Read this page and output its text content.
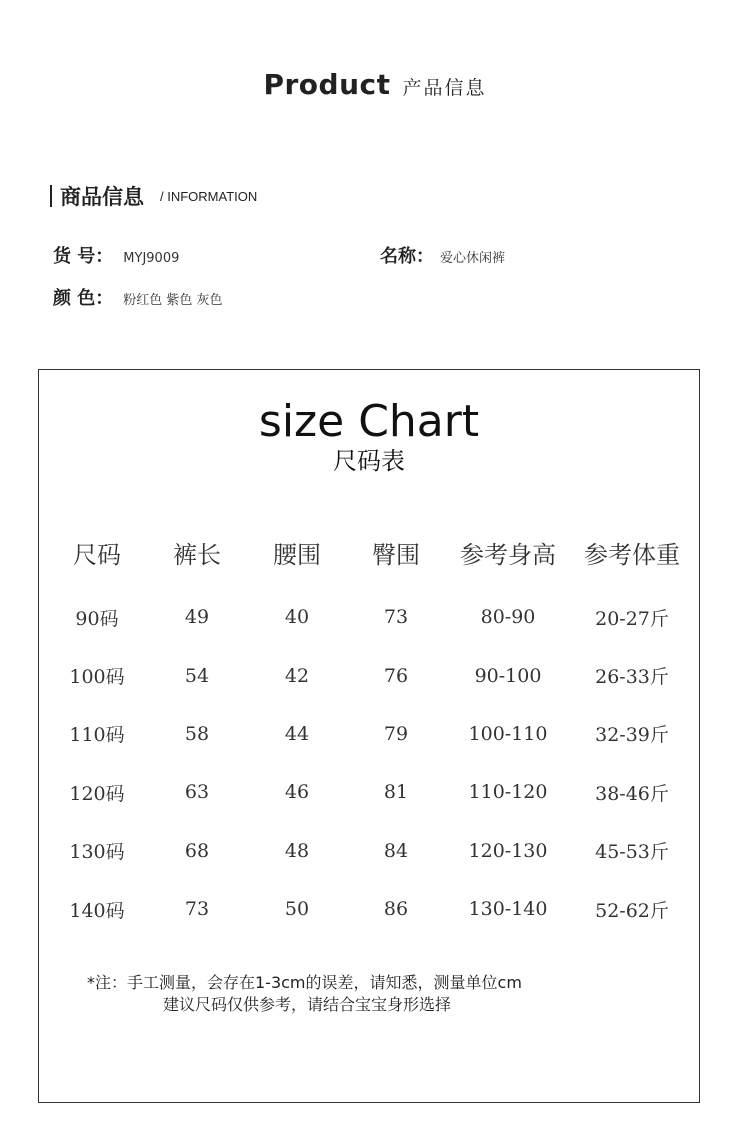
Product 产品信息
商品信息 / INFORMATION
货 号： MYJ9009	名称： 爱心休闲裤
颜 色： 粉红色 紫色 灰色
size Chart
尺码表
尺码	裤长	腰围	臀围	参考身高	参考体重
90码	49	40	73	80-90	20-27斤
100码	54	42	76	90-100	26-33斤
110码	58	44	79	100-110	32-39斤
120码	63	46	81	110-120	38-46斤
130码	68	48	84	120-130	45-53斤
140码	73	50	86	130-140	52-62斤
*注：手工测量，会存在1-3cm的误差，请知悉，测量单位cm
建议尺码仅供参考，请结合宝宝身形选择
